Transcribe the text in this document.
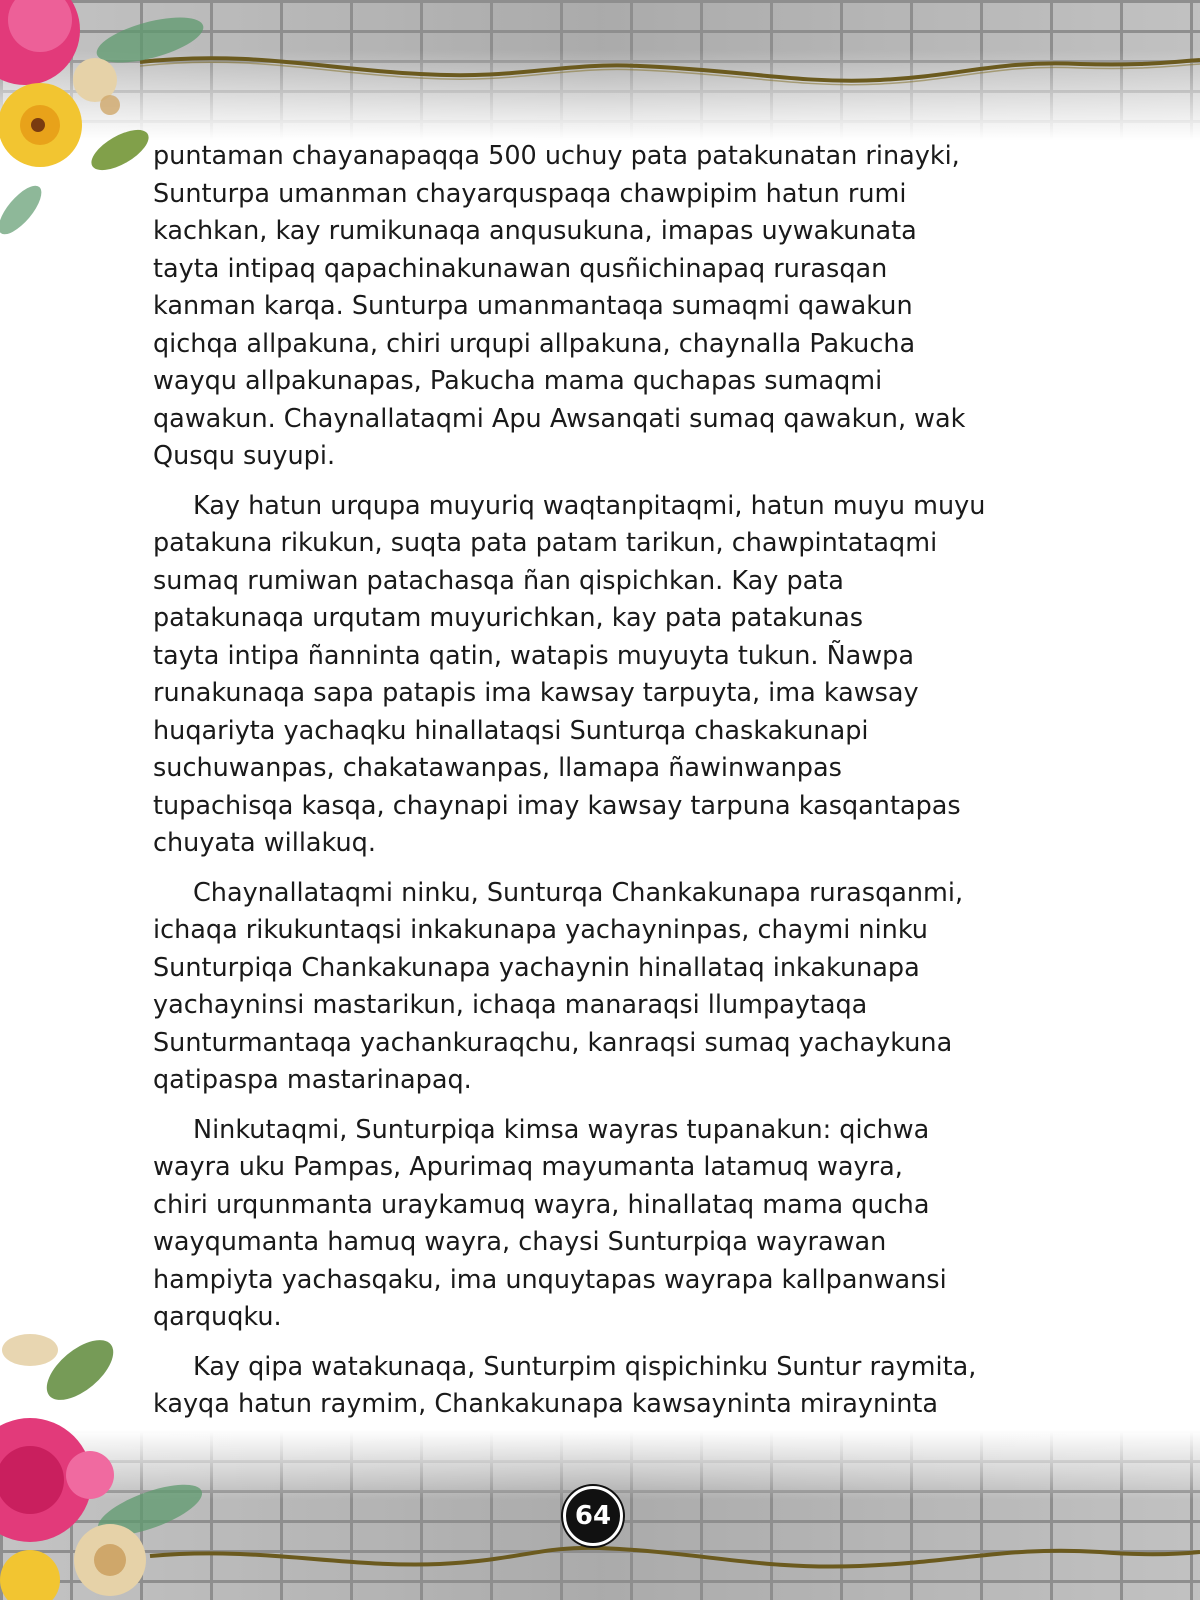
puntaman chayanapaqqa 500 uchuy pata patakunatan rinayki,
Sunturpa umanman chayarquspaqa chawpipim hatun rumi
kachkan, kay rumikunaqa anqusukuna, imapas uywakunata
tayta intipaq qapachinakunawan qusñichinapaq rurasqan
kanman karqa. Sunturpa umanmantaqa sumaqmi qawakun
qichqa allpakuna, chiri urqupi allpakuna, chaynalla Pakucha
wayqu allpakunapas, Pakucha mama quchapas sumaqmi
qawakun. Chaynallataqmi Apu Awsanqati sumaq qawakun, wak
Qusqu suyupi.

Kay hatun urqupa muyuriq waqtanpitaqmi, hatun muyu muyu
patakuna rikukun, suqta pata patam tarikun, chawpintataqmi
sumaq rumiwan patachasqa ñan qispichkan. Kay pata
patakunaqa urqutam muyurichkan, kay pata patakunas
tayta intipa ñanninta qatin, watapis muyuyta tukun. Ñawpa
runakunaqa sapa patapis ima kawsay tarpuyta, ima kawsay
huqariyta yachaqku hinallataqsi Sunturqa chaskakunapi
suchuwanpas, chakatawanpas, llamapa ñawinwanpas
tupachisqa kasqa, chaynapi imay kawsay tarpuna kasqantapas
chuyata willakuq.

Chaynallataqmi ninku, Sunturqa Chankakunapa rurasqanmi,
ichaqa rikukuntaqsi inkakunapa yachayninpas, chaymi ninku
Sunturpiqa Chankakunapa yachaynin hinallataq inkakunapa
yachayninsi mastarikun, ichaqa manaraqsi llumpaytaqa
Sunturmantaqa yachankuraqchu, kanraqsi sumaq yachaykuna
qatipaspa mastarinapaq.

Ninkutaqmi, Sunturpiqa kimsa wayras tupanakun: qichwa
wayra uku Pampas, Apurimaq mayumanta latamuq wayra,
chiri urqunmanta uraykamuq wayra, hinallataq mama qucha
wayqumanta hamuq wayra, chaysi Sunturpiqa wayrawan
hampiyta yachasqaku, ima unquytapas wayrapa kallpanwansi
qarquqku.

Kay qipa watakunaqa, Sunturpim qispichinku Suntur raymita,
kayqa hatun raymim, Chankakunapa kawsayninta miraynintа

64
